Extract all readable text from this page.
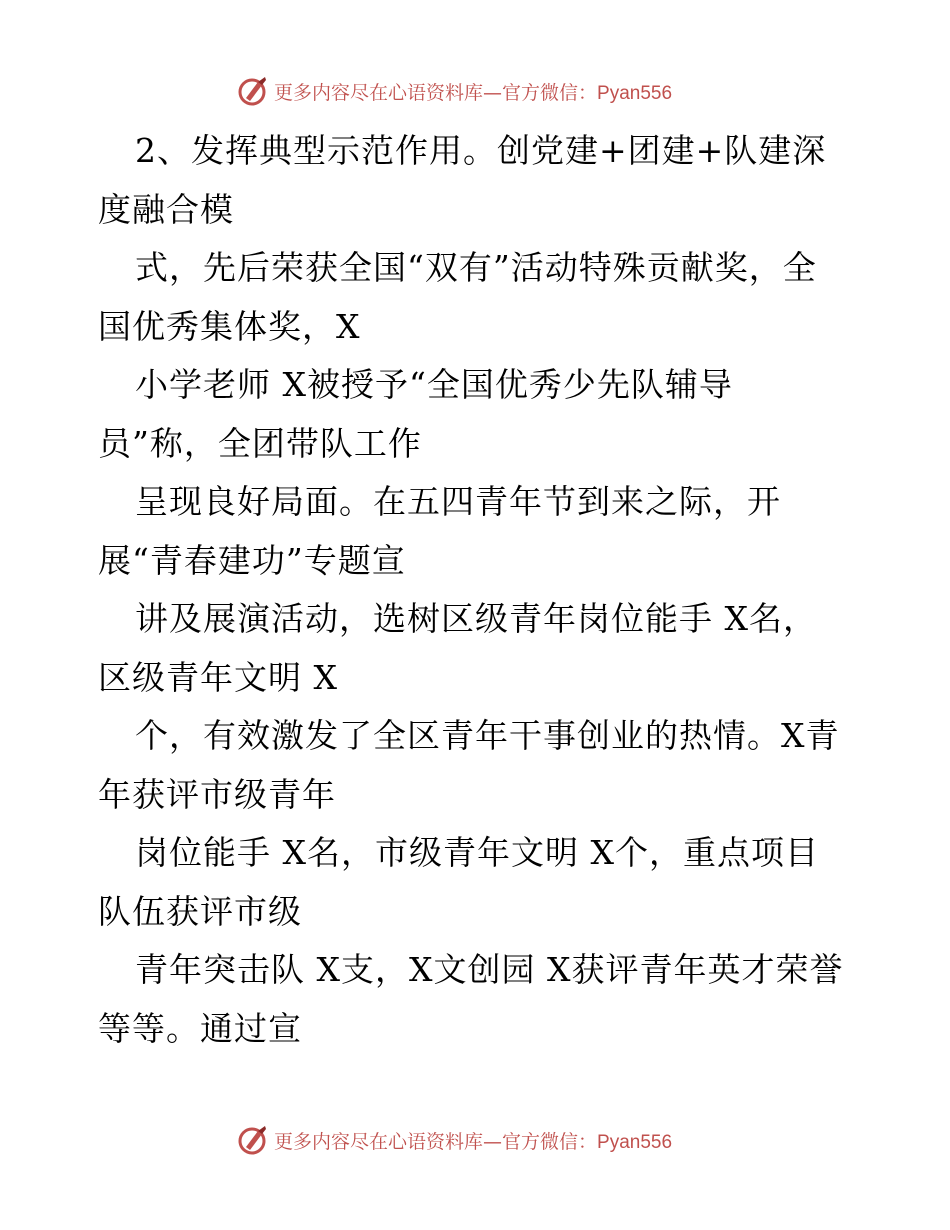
更多内容尽在心语资料库—官方微信：Pyan556
2、发挥典型示范作用。创党建+团建+队建深
度融合模
式，先后荣获全国“双有”活动特殊贡献奖，全
国优秀集体奖，X
小学老师 X被授予“全国优秀少先队辅导
员”称，全团带队工作
呈现良好局面。在五四青年节到来之际，开
展“青春建功”专题宣
讲及展演活动，选树区级青年岗位能手 X名，
区级青年文明 X
个，有效激发了全区青年干事创业的热情。X青
年获评市级青年
岗位能手 X名，市级青年文明 X个，重点项目
队伍获评市级
青年突击队 X支，X文创园 X获评青年英才荣誉
等等。通过宣
更多内容尽在心语资料库—官方微信：Pyan556
